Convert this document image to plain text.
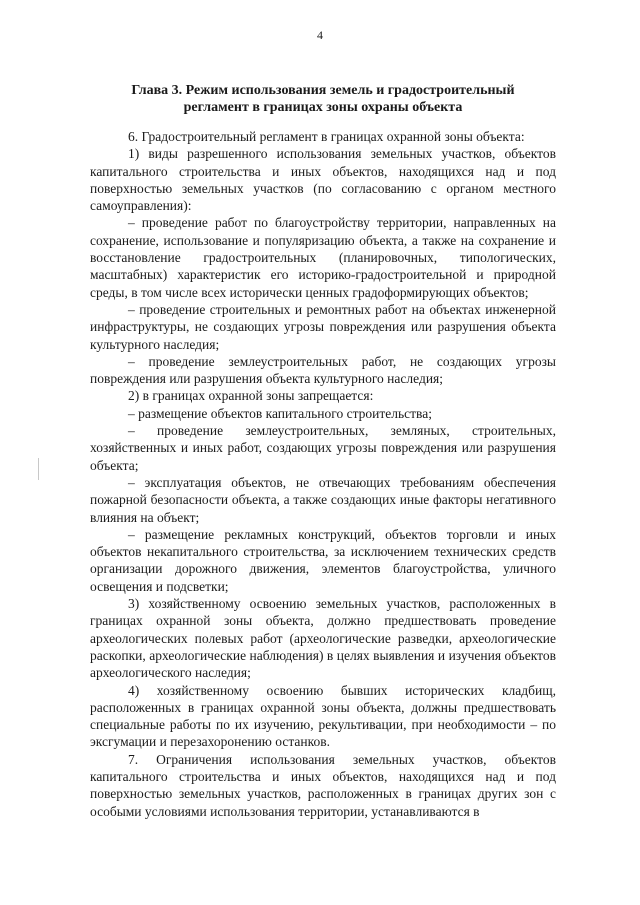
4
Глава 3. Режим использования земель и градостроительный
регламент в границах зоны охраны объекта

6. Градостроительный регламент в границах охранной зоны объекта:

1) виды разрешенного использования земельных участков, объектов капитального строительства и иных объектов, находящихся над и под поверхностью земельных участков (по согласованию с органом местного самоуправления):

– проведение работ по благоустройству территории, направленных на сохранение, использование и популяризацию объекта, а также на сохранение и восстановление градостроительных (планировочных, типологических, масштабных) характеристик его историко-градостроительной и природной среды, в том числе всех исторически ценных градоформирующих объектов;

– проведение строительных и ремонтных работ на объектах инженерной инфраструктуры, не создающих угрозы повреждения или разрушения объекта культурного наследия;

– проведение землеустроительных работ, не создающих угрозы повреждения или разрушения объекта культурного наследия;

2) в границах охранной зоны запрещается:

– размещение объектов капитального строительства;

– проведение землеустроительных, земляных, строительных, хозяйственных и иных работ, создающих угрозы повреждения или разрушения объекта;

– эксплуатация объектов, не отвечающих требованиям обеспечения пожарной безопасности объекта, а также создающих иные факторы негативного влияния на объект;

– размещение рекламных конструкций, объектов торговли и иных объектов некапитального строительства, за исключением технических средств организации дорожного движения, элементов благоустройства, уличного освещения и подсветки;

3) хозяйственному освоению земельных участков, расположенных в границах охранной зоны объекта, должно предшествовать проведение археологических полевых работ (археологические разведки, археологические раскопки, археологические наблюдения) в целях выявления и изучения объектов археологического наследия;

4) хозяйственному освоению бывших исторических кладбищ, расположенных в границах охранной зоны объекта, должны предшествовать специальные работы по их изучению, рекультивации, при необходимости – по эксгумации и перезахоронению останков.

7. Ограничения использования земельных участков, объектов капитального строительства и иных объектов, находящихся над и под поверхностью земельных участков, расположенных в границах других зон с особыми условиями использования территории, устанавливаются в
